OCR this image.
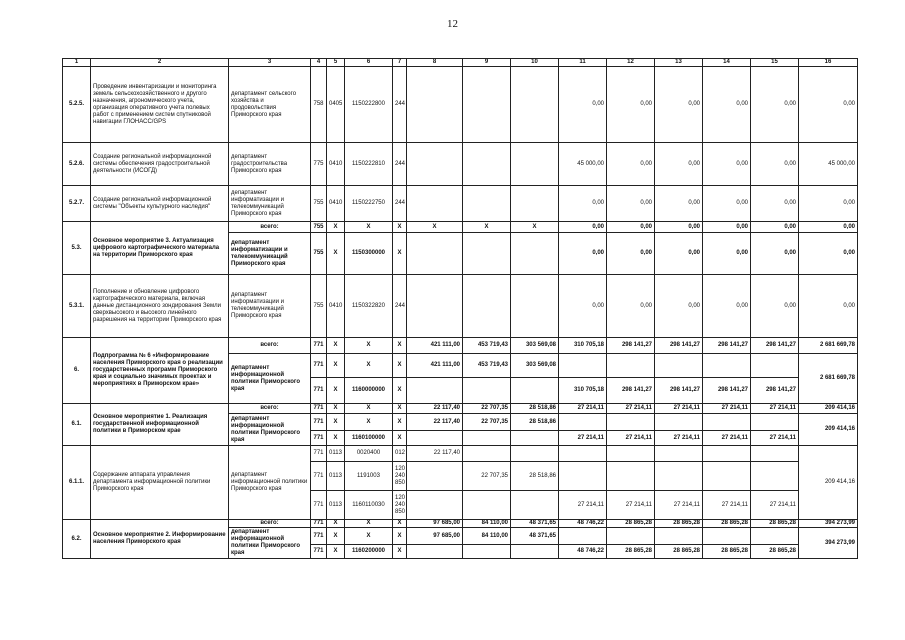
12
1	2	3	4	5	6	7	8	9	10	11	12	13	14	15	16
5.2.5.	Проведение инвентаризации и мониторинга земель сельскохозяйственного и другого назначения, агрономического учета, организация оперативного учета полевых работ с применением систем спутниковой навигации ГЛОНАСС/GPS	департамент сельского хозяйства и продовольствия Приморского края	758	0405	1150222800	244				0,00	0,00	0,00	0,00	0,00	0,00
5.2.6.	Создание региональной информационной системы обеспечения градостроительной деятельности (ИСОГД)	департамент градостроительства Приморского края	775	0410	1150222810	244				45 000,00	0,00	0,00	0,00	0,00	45 000,00
5.2.7.	Создание региональной информационной системы "Объекты культурного наследия"	департамент информатизации и телекоммуникаций Приморского края	755	0410	1150222750	244				0,00	0,00	0,00	0,00	0,00	0,00
5.3.	Основное мероприятие 3. Актуализация цифрового картографического материала на территории Приморского края	всего:	755	X	X	X	X	X	X	0,00	0,00	0,00	0,00	0,00	0,00
		департамент информатизации и телекоммуникаций Приморского края	755	X	1150300000	X				0,00	0,00	0,00	0,00	0,00	0,00
5.3.1.	Пополнение и обновление цифрового картографического материала, включая данные дистанционного зондирования Земли сверхвысокого и высокого линейного разрешения на территории Приморского края	департамент информатизации и телекоммуникаций Приморского края	755	0410	1150322820	244				0,00	0,00	0,00	0,00	0,00	0,00
6.	Подпрограмма № 6 «Информирование населения Приморского края о реализации государственных программ Приморского края и социально значимых проектах и мероприятиях в Приморском крае»	всего:	771	X	X	X	421 111,00	453 719,43	303 569,08	310 705,18	298 141,27	298 141,27	298 141,27	298 141,27	2 681 669,78
		департамент информационной политики Приморского края	771	X	X	X	421 111,00	453 719,43	303 569,08						2 681 669,78
			771	X	1160000000	X				310 705,18	298 141,27	298 141,27	298 141,27	298 141,27	
6.1.	Основное мероприятие 1. Реализация государственной информационной политики в Приморском крае	всего:	771	X	X	X	22 117,40	22 707,35	28 518,86	27 214,11	27 214,11	27 214,11	27 214,11	27 214,11	209 414,16
		департамент информационной политики Приморского края	771	X	X	X	22 117,40	22 707,35	28 518,86						209 414,16
			771	X	1160100000	X				27 214,11	27 214,11	27 214,11	27 214,11	27 214,11	
6.1.1.	Содержание аппарата управления департамента информационной политики Приморского края	департамент информационной политики Приморского края	771	0113	0020400	012	22 117,40								209 414,16
			771	0113	1191003	120
240
850		22 707,35	28 518,86						
			771	0113	1160110030	120
240
850				27 214,11	27 214,11	27 214,11	27 214,11	27 214,11	
6.2.	Основное мероприятие 2. Информирование населения Приморского края	всего:	771	X	X	X	97 685,00	84 110,00	48 371,65	48 746,22	28 865,28	28 865,28	28 865,28	28 865,28	394 273,99
		департамент информационной политики Приморского края	771	X	X	X	97 685,00	84 110,00	48 371,65						394 273,99
			771	X	1160200000	X				48 746,22	28 865,28	28 865,28	28 865,28	28 865,28	
